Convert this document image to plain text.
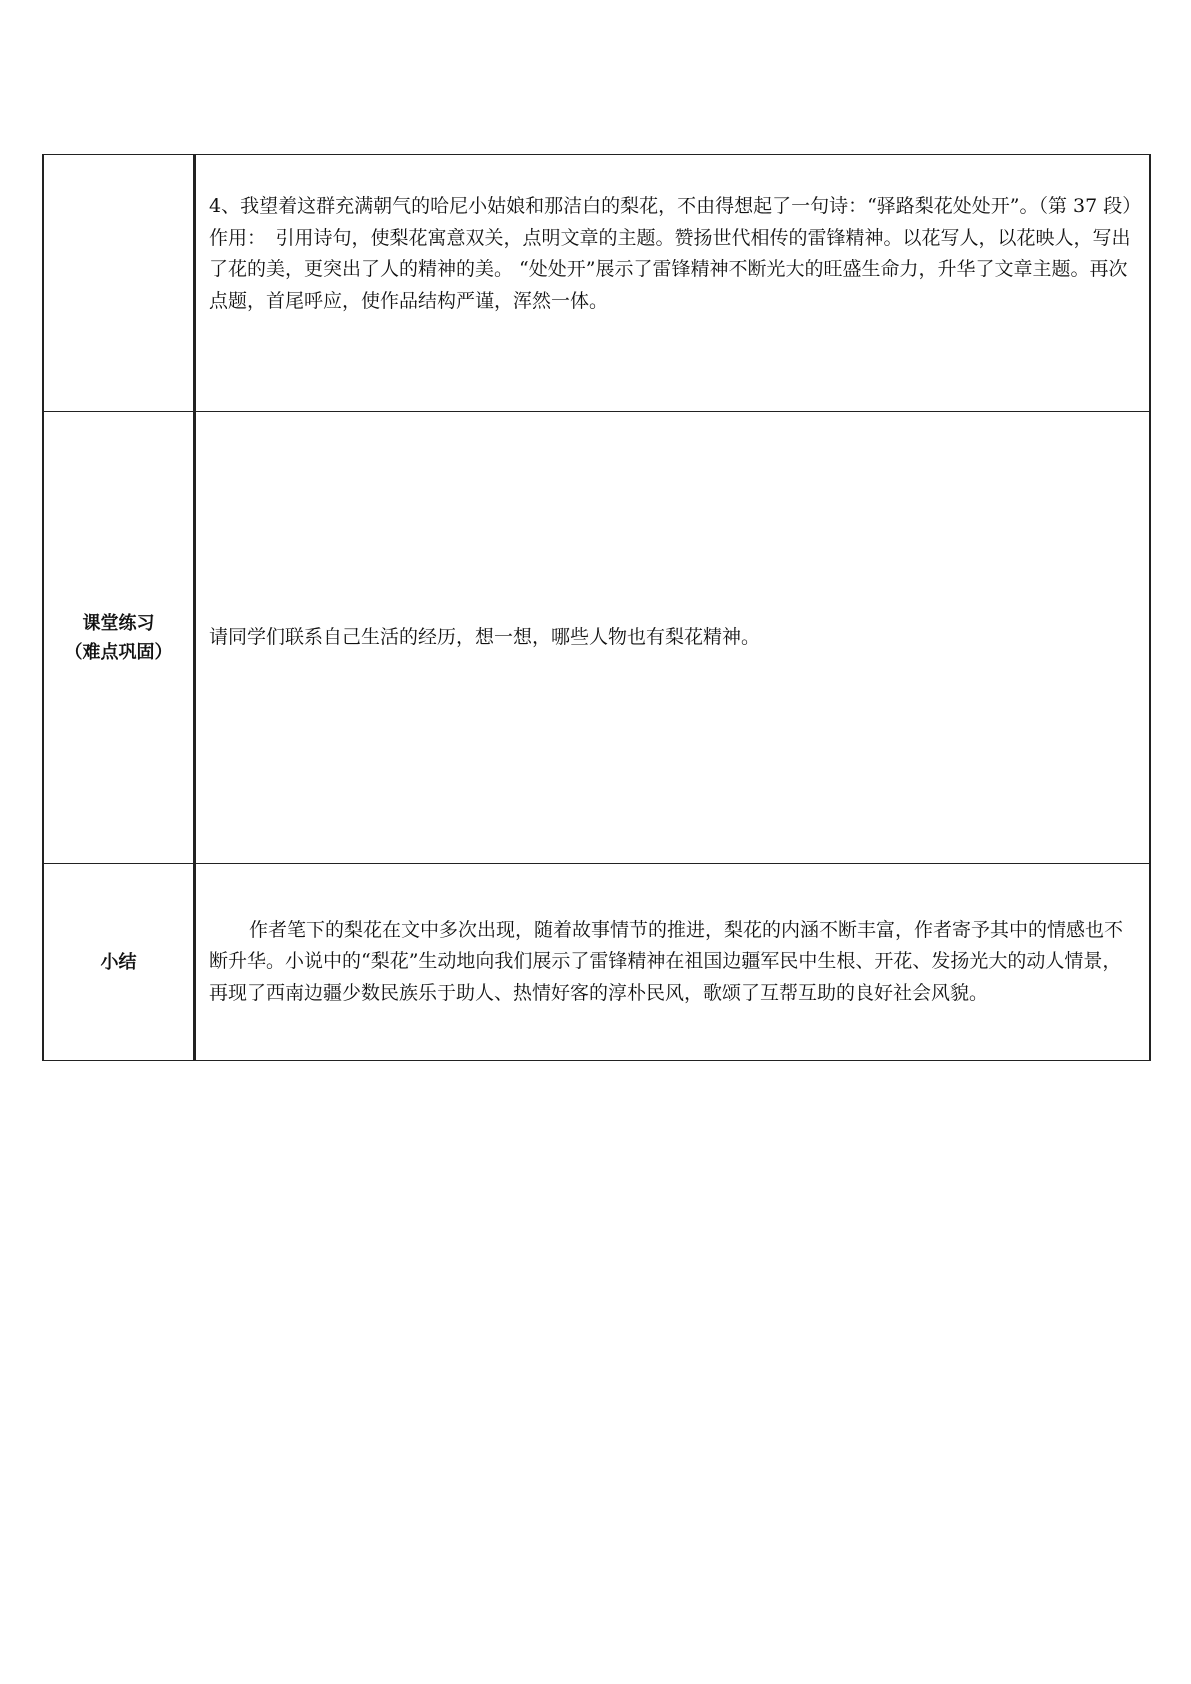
	4、我望着这群充满朝气的哈尼小姑娘和那洁白的梨花，不由得想起了一句诗：“驿路梨花处处开”。（第 37 段）

作用：　引用诗句，使梨花寓意双关，点明文章的主题。赞扬世代相传的雷锋精神。以花写人，以花映人，写出了花的美，更突出了人的精神的美。 “处处开”展示了雷锋精神不断光大的旺盛生命力，升华了文章主题。再次点题，首尾呼应，使作品结构严谨，浑然一体。

课堂练习
（难点巩固）	请同学们联系自己生活的经历，想一想，哪些人物也有梨花精神。

小结	作者笔下的梨花在文中多次出现，随着故事情节的推进，梨花的内涵不断丰富，作者寄予其中的情感也不断升华。小说中的“梨花”生动地向我们展示了雷锋精神在祖国边疆军民中生根、开花、发扬光大的动人情景，再现了西南边疆少数民族乐于助人、热情好客的淳朴民风，歌颂了互帮互助的良好社会风貌。
